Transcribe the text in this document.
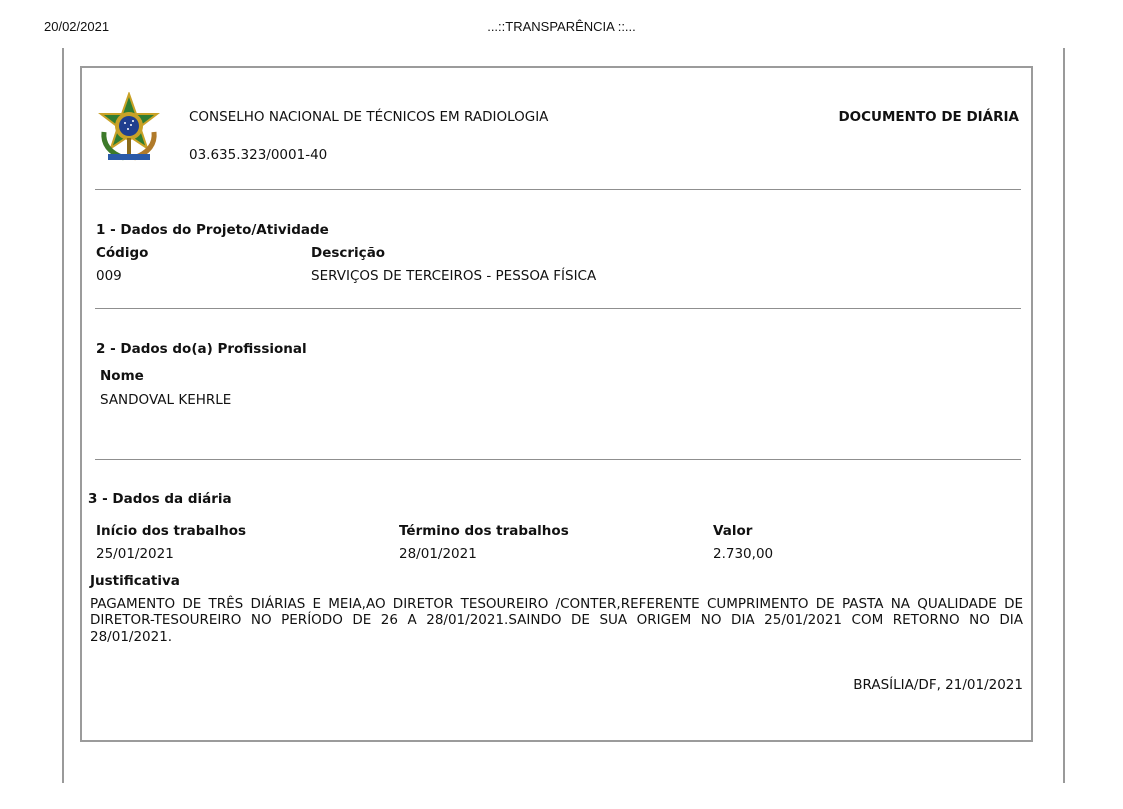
20/02/2021	...::TRANSPARÊNCIA ::...
CONSELHO NACIONAL DE TÉCNICOS EM RADIOLOGIA
03.635.323/0001-40
DOCUMENTO DE DIÁRIA
1 - Dados do Projeto/Atividade
Código	Descrição
009	SERVIÇOS DE TERCEIROS - PESSOA FÍSICA
2 - Dados do(a) Profissional
Nome
SANDOVAL KEHRLE
3 - Dados da diária
Início dos trabalhos	Término dos trabalhos	Valor
25/01/2021	28/01/2021	2.730,00
Justificativa
PAGAMENTO DE TRÊS DIÁRIAS E MEIA,AO DIRETOR TESOUREIRO /CONTER,REFERENTE CUMPRIMENTO DE PASTA NA QUALIDADE DE DIRETOR-TESOUREIRO NO PERÍODO DE 26 A 28/01/2021.SAINDO DE SUA ORIGEM NO DIA 25/01/2021 COM RETORNO NO DIA 28/01/2021.
BRASÍLIA/DF, 21/01/2021
